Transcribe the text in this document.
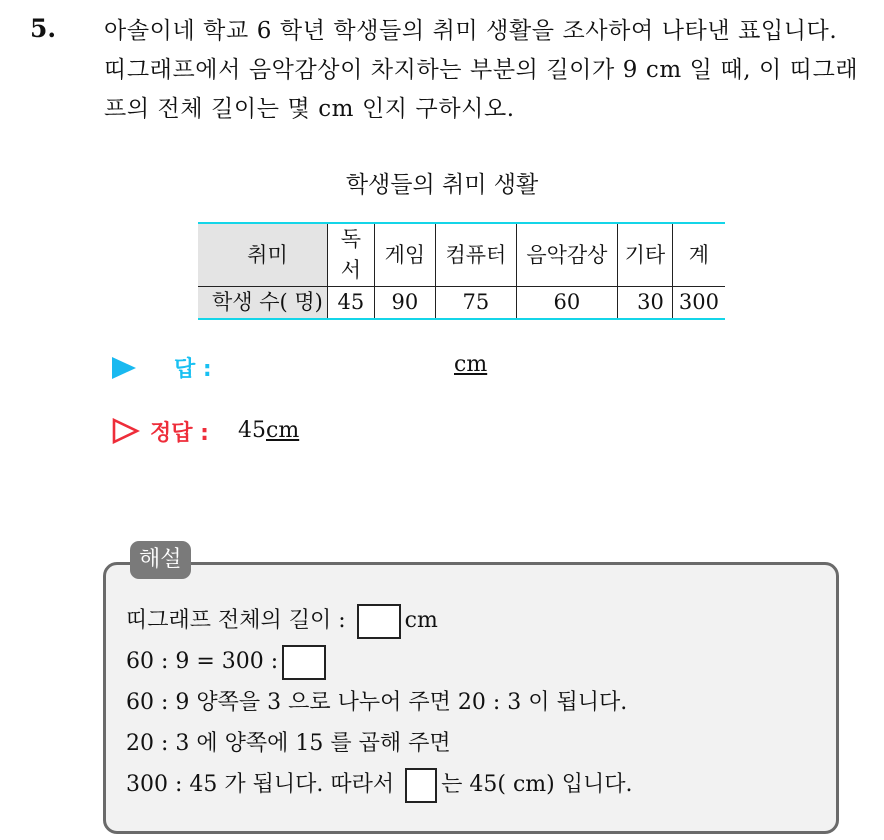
5. 아솔이네 학교 6 학년 학생들의 취미 생활을 조사하여 나타낸 표입니다. 띠그래프에서 음악감상이 차지하는 부분의 길이가 9 cm 일 때, 이 띠그래프의 전체 길이는 몇 cm 인지 구하시오.
학생들의 취미 생활
취미	독서	게임	컴퓨터	음악감상	기타	계
학생 수( 명)	45	90	75	60	30	300
답 :	cm
정답 : 45cm
해설
띠그래프 전체의 길이 :	cm
60 : 9 = 300 :
60 : 9 양쪽을 3 으로 나누어 주면 20 : 3 이 됩니다.
20 : 3 에 양쪽에 15 를 곱해 주면
300 : 45 가 됩니다. 따라서 는 45( cm) 입니다.
